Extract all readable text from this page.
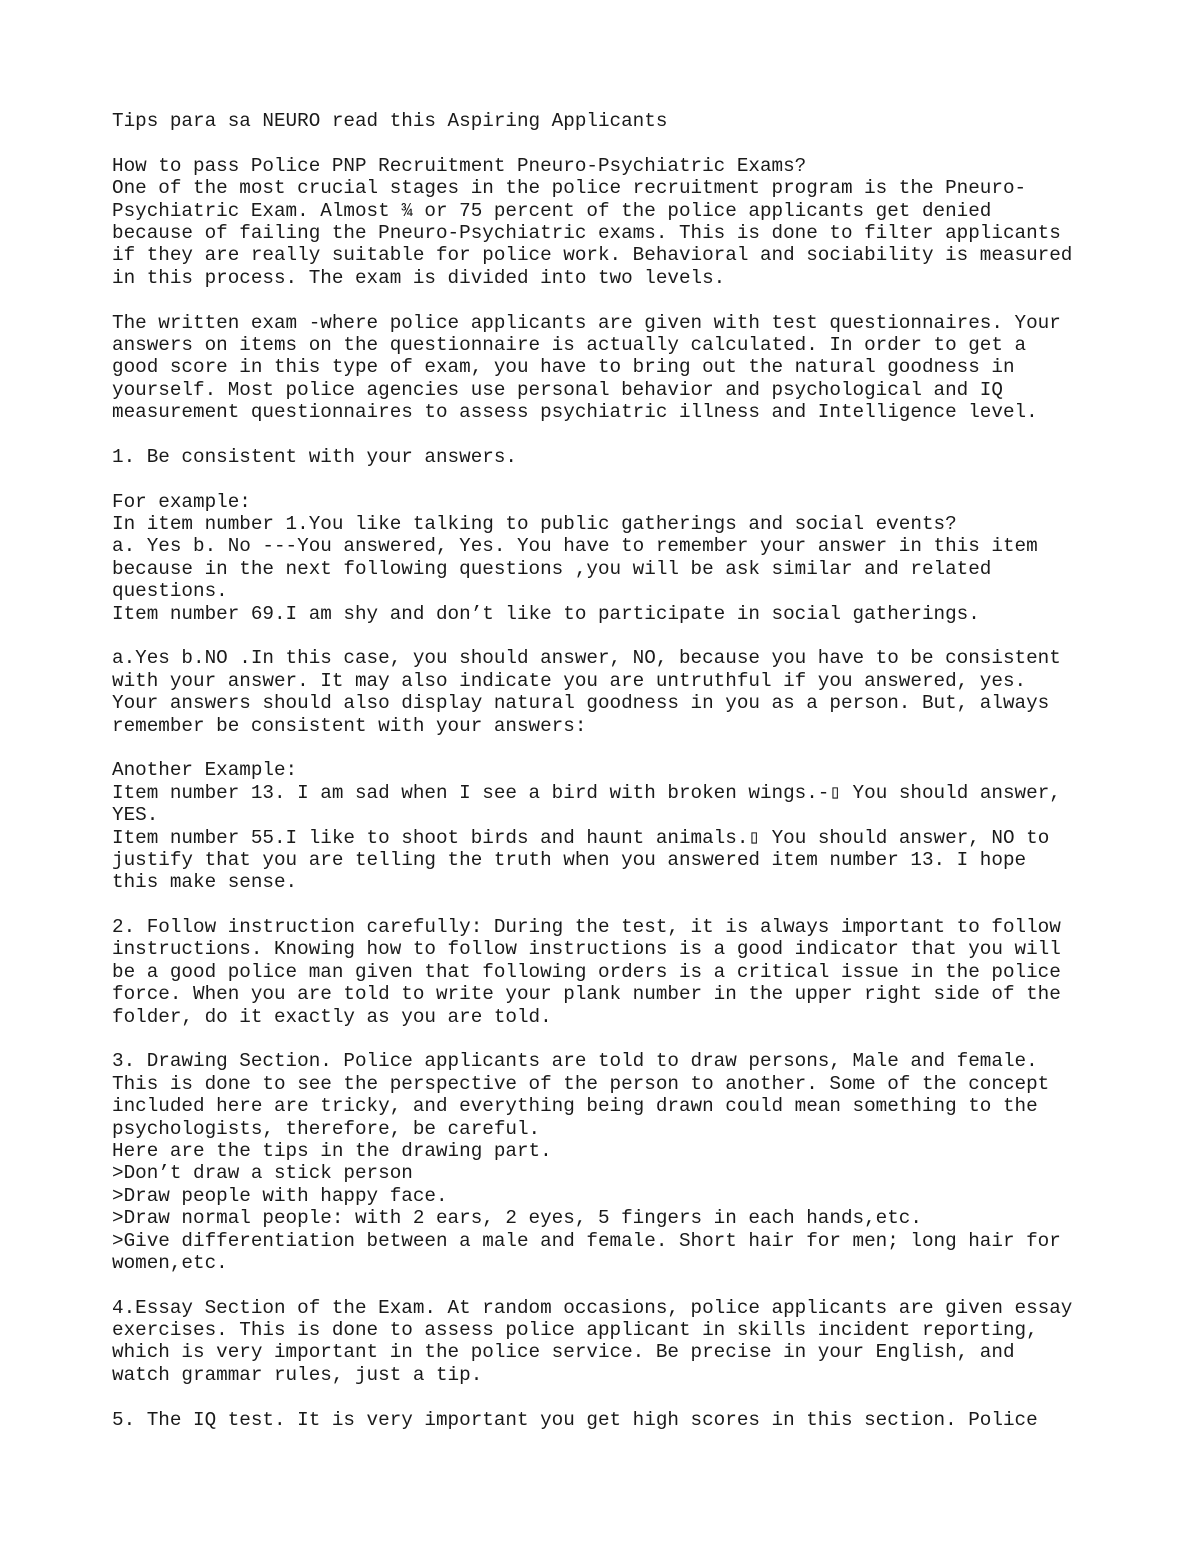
Tips para sa NEURO read this Aspiring Applicants
How to pass Police PNP Recruitment Pneuro-Psychiatric Exams?
One of the most crucial stages in the police recruitment program is the Pneuro-
Psychiatric Exam. Almost ¾ or 75 percent of the police applicants get denied
because of failing the Pneuro-Psychiatric exams. This is done to filter applicants
if they are really suitable for police work. Behavioral and sociability is measured
in this process. The exam is divided into two levels.
The written exam -where police applicants are given with test questionnaires. Your
answers on items on the questionnaire is actually calculated. In order to get a
good score in this type of exam, you have to bring out the natural goodness in
yourself. Most police agencies use personal behavior and psychological and IQ
measurement questionnaires to assess psychiatric illness and Intelligence level.
1. Be consistent with your answers.
For example:
In item number 1.You like talking to public gatherings and social events?
a. Yes b. No ---You answered, Yes. You have to remember your answer in this item
because in the next following questions ,you will be ask similar and related
questions.
Item number 69.I am shy and don’t like to participate in social gatherings.
a.Yes b.NO .In this case, you should answer, NO, because you have to be consistent
with your answer. It may also indicate you are untruthful if you answered, yes.
Your answers should also display natural goodness in you as a person. But, always
remember be consistent with your answers:
Another Example:
Item number 13. I am sad when I see a bird with broken wings.-▯ You should answer,
YES.
Item number 55.I like to shoot birds and haunt animals.▯ You should answer, NO to
justify that you are telling the truth when you answered item number 13. I hope
this make sense.
2. Follow instruction carefully: During the test, it is always important to follow
instructions. Knowing how to follow instructions is a good indicator that you will
be a good police man given that following orders is a critical issue in the police
force. When you are told to write your plank number in the upper right side of the
folder, do it exactly as you are told.
3. Drawing Section. Police applicants are told to draw persons, Male and female.
This is done to see the perspective of the person to another. Some of the concept
included here are tricky, and everything being drawn could mean something to the
psychologists, therefore, be careful.
Here are the tips in the drawing part.
>Don’t draw a stick person
>Draw people with happy face.
>Draw normal people: with 2 ears, 2 eyes, 5 fingers in each hands,etc.
>Give differentiation between a male and female. Short hair for men; long hair for
women,etc.
4.Essay Section of the Exam. At random occasions, police applicants are given essay
exercises. This is done to assess police applicant in skills incident reporting,
which is very important in the police service. Be precise in your English, and
watch grammar rules, just a tip.
5. The IQ test. It is very important you get high scores in this section. Police
